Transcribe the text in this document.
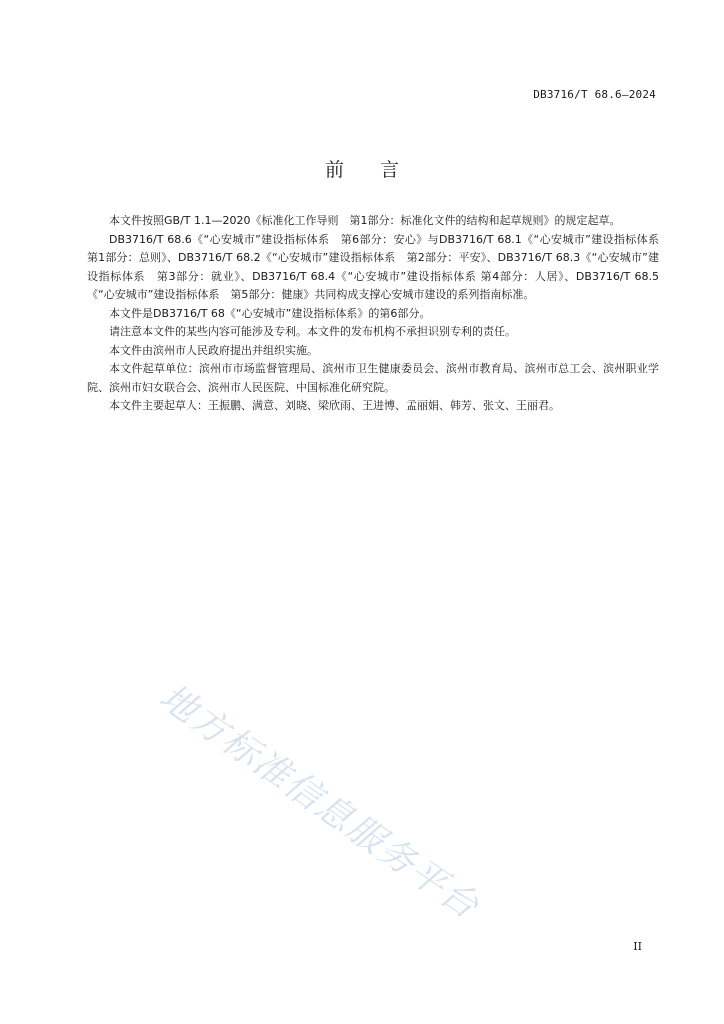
DB3716/T 68.6—2024
前言

本文件按照GB/T 1.1—2020《标准化工作导则　第1部分：标准化文件的结构和起草规则》的规定起草。

DB3716/T 68.6《“心安城市”建设指标体系　第6部分：安心》与DB3716/T 68.1《“心安城市”建设指标体系　第1部分：总则》、DB3716/T 68.2《“心安城市”建设指标体系　第2部分：平安》、DB3716/T 68.3《“心安城市”建设指标体系　第3部分：就业》、DB3716/T 68.4《“心安城市”建设指标体系 第4部分：人居》、DB3716/T 68.5《“心安城市”建设指标体系　第5部分：健康》共同构成支撑心安城市建设的系列指南标准。

本文件是DB3716/T 68《“心安城市”建设指标体系》的第6部分。

请注意本文件的某些内容可能涉及专利。本文件的发布机构不承担识别专利的责任。

本文件由滨州市人民政府提出并组织实施。

本文件起草单位：滨州市市场监督管理局、滨州市卫生健康委员会、滨州市教育局、滨州市总工会、滨州职业学院、滨州市妇女联合会、滨州市人民医院、中国标准化研究院。

本文件主要起草人：王振鹏、满意、刘晓、梁欣雨、王进博、孟丽娟、韩芳、张文、王丽君。

地方标准信息服务平台
II
